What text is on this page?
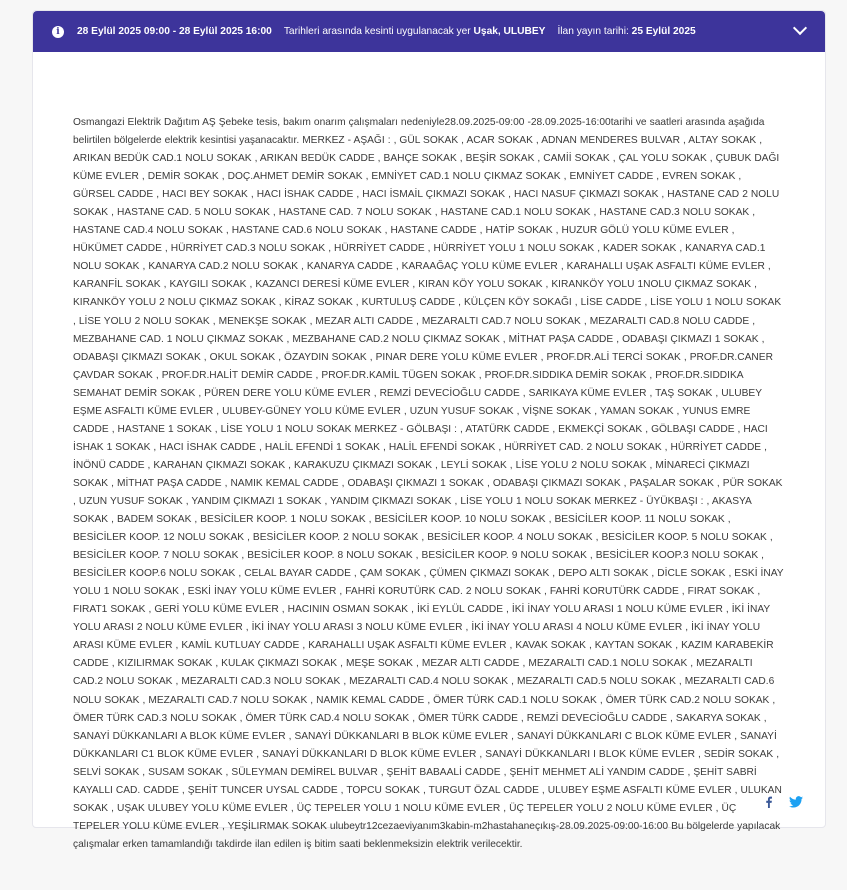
i	28 Eylül 2025 09:00 - 28 Eylül 2025 16:00 Tarihleri arasında kesinti uygulanacak yer Uşak, ULUBEY İlan yayın tarihi: 25 Eylül 2025

Osmangazi Elektrik Dağıtım AŞ Şebeke tesis, bakım onarım çalışmaları nedeniyle28.09.2025-09:00 -28.09.2025-16:00tarihi ve saatleri arasında aşağıda belirtilen bölgelerde elektrik kesintisi yaşanacaktır. MERKEZ - AŞAĞI : , GÜL SOKAK , ACAR SOKAK , ADNAN MENDERES BULVAR , ALTAY SOKAK , ARIKAN BEDÜK CAD.1 NOLU SOKAK , ARIKAN BEDÜK CADDE , BAHÇE SOKAK , BEŞİR SOKAK , CAMİİ SOKAK , ÇAL YOLU SOKAK , ÇUBUK DAĞI KÜME EVLER , DEMİR SOKAK , DOÇ.AHMET DEMİR SOKAK , EMNİYET CAD.1 NOLU ÇIKMAZ SOKAK , EMNİYET CADDE , EVREN SOKAK , GÜRSEL CADDE , HACI BEY SOKAK , HACI İSHAK CADDE , HACI İSMAİL ÇIKMAZI SOKAK , HACI NASUF ÇIKMAZI SOKAK , HASTANE CAD 2 NOLU SOKAK , HASTANE CAD. 5 NOLU SOKAK , HASTANE CAD. 7 NOLU SOKAK , HASTANE CAD.1 NOLU SOKAK , HASTANE CAD.3 NOLU SOKAK , HASTANE CAD.4 NOLU SOKAK , HASTANE CAD.6 NOLU SOKAK , HASTANE CADDE , HATİP SOKAK , HUZUR GÖLÜ YOLU KÜME EVLER , HÜKÜMET CADDE , HÜRRİYET CAD.3 NOLU SOKAK , HÜRRİYET CADDE , HÜRRİYET YOLU 1 NOLU SOKAK , KADER SOKAK , KANARYA CAD.1 NOLU SOKAK , KANARYA CAD.2 NOLU SOKAK , KANARYA CADDE , KARAAĞAÇ YOLU KÜME EVLER , KARAHALLI UŞAK ASFALTI KÜME EVLER , KARANFİL SOKAK , KAYGILI SOKAK , KAZANCI DERESİ KÜME EVLER , KIRAN KÖY YOLU SOKAK , KIRANKÖY YOLU 1NOLU ÇIKMAZ SOKAK , KIRANKÖY YOLU 2 NOLU ÇIKMAZ SOKAK , KİRAZ SOKAK , KURTULUŞ CADDE , KÜLÇEN KÖY SOKAĞI , LİSE CADDE , LİSE YOLU 1 NOLU SOKAK , LİSE YOLU 2 NOLU SOKAK , MENEKŞE SOKAK , MEZAR ALTI CADDE , MEZARALTI CAD.7 NOLU SOKAK , MEZARALTI CAD.8 NOLU CADDE , MEZBAHANE CAD. 1 NOLU ÇIKMAZ SOKAK , MEZBAHANE CAD.2 NOLU ÇIKMAZ SOKAK , MİTHAT PAŞA CADDE , ODABAŞI ÇIKMAZI 1 SOKAK , ODABAŞI ÇIKMAZI SOKAK , OKUL SOKAK , ÖZAYDIN SOKAK , PINAR DERE YOLU KÜME EVLER , PROF.DR.ALİ TERCİ SOKAK , PROF.DR.CANER ÇAVDAR SOKAK , PROF.DR.HALİT DEMİR CADDE , PROF.DR.KAMİL TÜGEN SOKAK , PROF.DR.SIDDIKA DEMİR SOKAK , PROF.DR.SIDDIKA SEMAHAT DEMİR SOKAK , PÜREN DERE YOLU KÜME EVLER , REMZİ DEVECİOĞLU CADDE , SARIKAYA KÜME EVLER , TAŞ SOKAK , ULUBEY EŞME ASFALTI KÜME EVLER , ULUBEY-GÜNEY YOLU KÜME EVLER , UZUN YUSUF SOKAK , VİŞNE SOKAK , YAMAN SOKAK , YUNUS EMRE CADDE , HASTANE 1 SOKAK , LİSE YOLU 1 NOLU SOKAK MERKEZ - GÖLBAŞI : , ATATÜRK CADDE , EKMEKÇİ SOKAK , GÖLBAŞI CADDE , HACI İSHAK 1 SOKAK , HACI İSHAK CADDE , HALİL EFENDİ 1 SOKAK , HALİL EFENDİ SOKAK , HÜRRİYET CAD. 2 NOLU SOKAK , HÜRRİYET CADDE , İNÖNÜ CADDE , KARAHAN ÇIKMAZI SOKAK , KARAKUZU ÇIKMAZI SOKAK , LEYLİ SOKAK , LİSE YOLU 2 NOLU SOKAK , MİNARECİ ÇIKMAZI SOKAK , MİTHAT PAŞA CADDE , NAMIK KEMAL CADDE , ODABAŞI ÇIKMAZI 1 SOKAK , ODABAŞI ÇIKMAZI SOKAK , PAŞALAR SOKAK , PÜR SOKAK , UZUN YUSUF SOKAK , YANDIM ÇIKMAZI 1 SOKAK , YANDIM ÇIKMAZI SOKAK , LİSE YOLU 1 NOLU SOKAK MERKEZ - ÜYÜKBAŞI : , AKASYA SOKAK , BADEM SOKAK , BESİCİLER KOOP. 1 NOLU SOKAK , BESİCİLER KOOP. 10 NOLU SOKAK , BESİCİLER KOOP. 11 NOLU SOKAK , BESİCİLER KOOP. 12 NOLU SOKAK , BESİCİLER KOOP. 2 NOLU SOKAK , BESİCİLER KOOP. 4 NOLU SOKAK , BESİCİLER KOOP. 5 NOLU SOKAK , BESİCİLER KOOP. 7 NOLU SOKAK , BESİCİLER KOOP. 8 NOLU SOKAK , BESİCİLER KOOP. 9 NOLU SOKAK , BESİCİLER KOOP.3 NOLU SOKAK , BESİCİLER KOOP.6 NOLU SOKAK , CELAL BAYAR CADDE , ÇAM SOKAK , ÇÜMEN ÇIKMAZI SOKAK , DEPO ALTI SOKAK , DİCLE SOKAK , ESKİ İNAY YOLU 1 NOLU SOKAK , ESKİ İNAY YOLU KÜME EVLER , FAHRİ KORUTÜRK CAD. 2 NOLU SOKAK , FAHRİ KORUTÜRK CADDE , FIRAT SOKAK , FIRAT1 SOKAK , GERİ YOLU KÜME EVLER , HACININ OSMAN SOKAK , İKİ EYLÜL CADDE , İKİ İNAY YOLU ARASI 1 NOLU KÜME EVLER , İKİ İNAY YOLU ARASI 2 NOLU KÜME EVLER , İKİ İNAY YOLU ARASI 3 NOLU KÜME EVLER , İKİ İNAY YOLU ARASI 4 NOLU KÜME EVLER , İKİ İNAY YOLU ARASI KÜME EVLER , KAMİL KUTLUAY CADDE , KARAHALLI UŞAK ASFALTI KÜME EVLER , KAVAK SOKAK , KAYTAN SOKAK , KAZIM KARABEKİR CADDE , KIZILIRMAK SOKAK , KULAK ÇIKMAZI SOKAK , MEŞE SOKAK , MEZAR ALTI CADDE , MEZARALTI CAD.1 NOLU SOKAK , MEZARALTI CAD.2 NOLU SOKAK , MEZARALTI CAD.3 NOLU SOKAK , MEZARALTI CAD.4 NOLU SOKAK , MEZARALTI CAD.5 NOLU SOKAK , MEZARALTI CAD.6 NOLU SOKAK , MEZARALTI CAD.7 NOLU SOKAK , NAMIK KEMAL CADDE , ÖMER TÜRK CAD.1 NOLU SOKAK , ÖMER TÜRK CAD.2 NOLU SOKAK , ÖMER TÜRK CAD.3 NOLU SOKAK , ÖMER TÜRK CAD.4 NOLU SOKAK , ÖMER TÜRK CADDE , REMZİ DEVECİOĞLU CADDE , SAKARYA SOKAK , SANAYİ DÜKKANLARI A BLOK KÜME EVLER , SANAYİ DÜKKANLARI B BLOK KÜME EVLER , SANAYİ DÜKKANLARI C BLOK KÜME EVLER , SANAYİ DÜKKANLARI C1 BLOK KÜME EVLER , SANAYİ DÜKKANLARI D BLOK KÜME EVLER , SANAYİ DÜKKANLARI I BLOK KÜME EVLER , SEDİR SOKAK , SELVİ SOKAK , SUSAM SOKAK , SÜLEYMAN DEMİREL BULVAR , ŞEHİT BABAALİ CADDE , ŞEHİT MEHMET ALİ YANDIM CADDE , ŞEHİT SABRİ KAYALLI CAD. CADDE , ŞEHİT TUNCER UYSAL CADDE , TOPCU SOKAK , TURGUT ÖZAL CADDE , ULUBEY EŞME ASFALTI KÜME EVLER , ULUKAN SOKAK , UŞAK ULUBEY YOLU KÜME EVLER , ÜÇ TEPELER YOLU 1 NOLU KÜME EVLER , ÜÇ TEPELER YOLU 2 NOLU KÜME EVLER , ÜÇ TEPELER YOLU KÜME EVLER , YEŞİLIRMAK SOKAK ulubeytr12cezaeviyanım3kabin-m2hastahaneçıkış-28.09.2025-09:00-16:00 Bu bölgelerde yapılacak çalışmalar erken tamamlandığı takdirde ilan edilen iş bitim saati beklenmeksizin elektrik verilecektir.
